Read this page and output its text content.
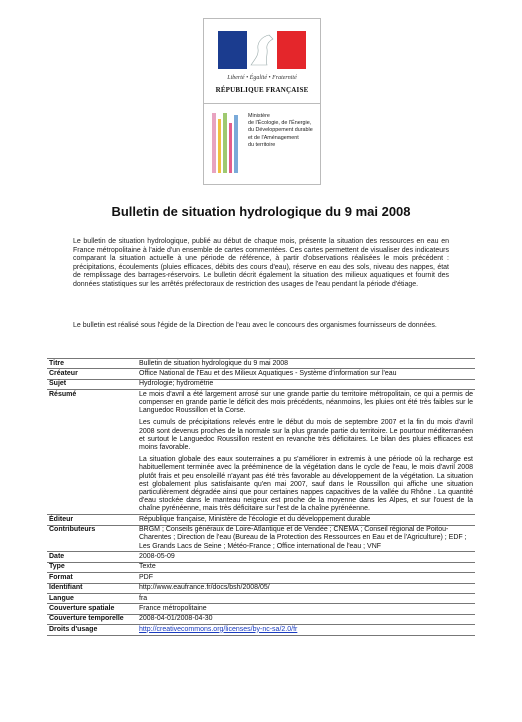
Liberté • Égalité • Fraternité
RÉPUBLIQUE FRANÇAISE
Ministère
de l'Écologie, de l'Énergie,
du Développement durable
et de l'Aménagement
du territoire
Bulletin de situation hydrologique du 9 mai 2008

Le bulletin de situation hydrologique, publié au début de chaque mois, présente la situation des ressources en eau en France métropolitaine à l'aide d'un ensemble de cartes commentées. Ces cartes permettent de visualiser des indicateurs comparant la situation actuelle à une période de référence, à partir d'observations réalisées le mois précédent : précipitations, écoulements (pluies efficaces, débits des cours d'eau), réserve en eau des sols, niveau des nappes, état de remplissage des barrages-réservoirs. Le bulletin décrit également la situation des milieux aquatiques et fournit des données statistiques sur les arrêtés préfectoraux de restriction des usages de l'eau pendant la période d'étiage.

Le bulletin est réalisé sous l'égide de la Direction de l'eau avec le concours des organismes fournisseurs de données.

Titre	Bulletin de situation hydrologique du 9 mai 2008
Créateur	Office National de l'Eau et des Milieux Aquatiques - Système d'information sur l'eau
Sujet	Hydrologie; hydrométrie
Résumé	Le mois d'avril a été largement arrosé sur une grande partie du territoire métropolitain, ce qui a permis de compenser en grande partie le déficit des mois précédents, néanmoins, les pluies ont été très faibles sur le Languedoc Roussillon et la Corse.

Les cumuls de précipitations relevés entre le début du mois de septembre 2007 et la fin du mois d'avril 2008 sont devenus proches de la normale sur la plus grande partie du territoire. Le pourtour méditerranéen et surtout le Languedoc Roussillon restent en revanche très déficitaires. Le bilan des pluies efficaces est moins favorable.

La situation globale des eaux souterraines a pu s'améliorer in extremis à une période où la recharge est habituellement terminée avec la prééminence de la végétation dans le cycle de l'eau, le mois d'avril 2008 plutôt frais et peu ensoleillé n'ayant pas été très favorable au développement de la végétation. La situation est globalement plus satisfaisante qu'en mai 2007, sauf dans le Roussillon qui affiche une situation particulièrement dégradée ainsi que pour certaines nappes capacitives de la vallée du Rhône . La quantité d'eau stockée dans le manteau neigeux est proche de la moyenne dans les Alpes, et sur l'ouest de la chaîne pyrénéenne, mais très déficitaire sur l'est de la chaîne pyrénéenne.

Éditeur	République française, Ministère de l'écologie et du développement durable
Contributeurs	BRGM ; Conseils généraux de Loire-Atlantique et de Vendée ; CNEMA ; Conseil régional de Poitou-Charentes ; Direction de l'eau (Bureau de la Protection des Ressources en Eau et de l'Agriculture) ; EDF ; Les Grands Lacs de Seine ; Météo-France ; Office international de l'eau ; VNF
Date	2008-05-09
Type	Texte
Format	PDF
Identifiant	http://www.eaufrance.fr/docs/bsh/2008/05/
Langue	fra
Couverture spatiale	France métropolitaine
Couverture temporelle	2008-04-01/2008-04-30
Droits d'usage	http://creativecommons.org/licenses/by-nc-sa/2.0/fr
